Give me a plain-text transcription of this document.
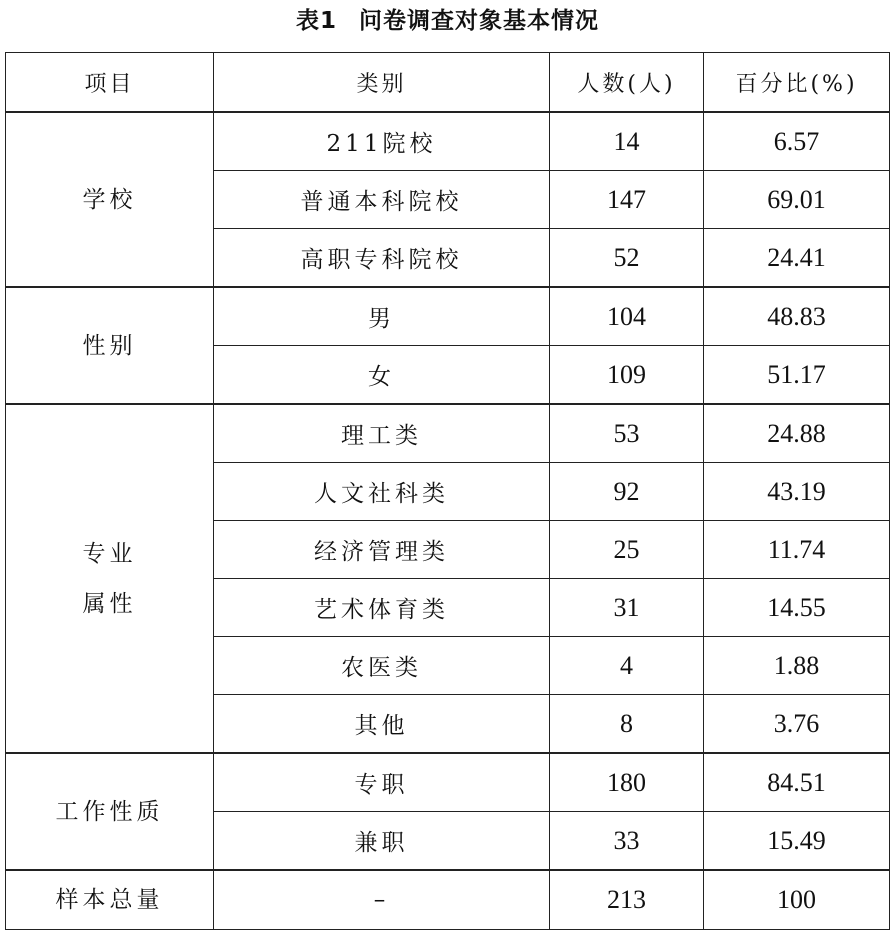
表1 问卷调查对象基本情况
项目	类别	人数(人)	百分比(%)

学校	211院校	14	6.57
	普通本科院校	147	69.01
	高职专科院校	52	24.41

性别	男	104	48.83
	女	109	51.17

专业
属性	理工类	53	24.88
	人文社科类	92	43.19
	经济管理类	25	11.74
	艺术体育类	31	14.55
	农医类	4	1.88
	其他	8	3.76

工作性质	专职	180	84.51
	兼职	33	15.49
样本总量	–	213	100
